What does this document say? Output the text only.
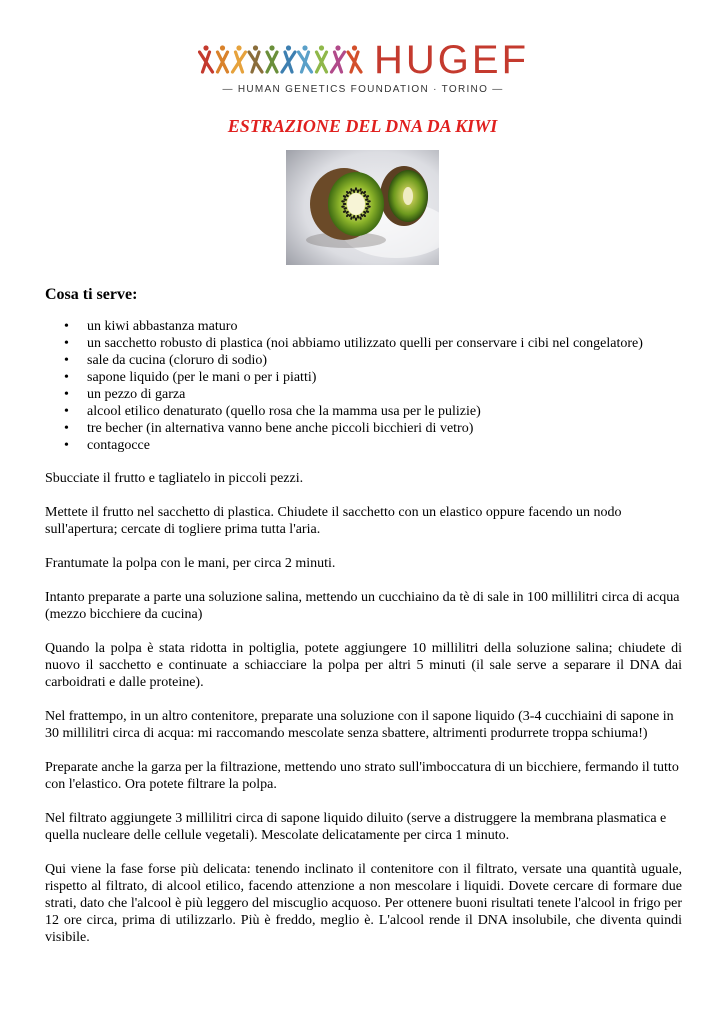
HUGEF
— HUMAN GENETICS FOUNDATION · TORINO —
ESTRAZIONE DEL DNA DA KIWI
Cosa ti serve:
• un kiwi abbastanza maturo
• un sacchetto robusto di plastica (noi abbiamo utilizzato quelli per conservare i cibi nel congelatore)
• sale da cucina (cloruro di sodio)
• sapone liquido (per le mani o per i piatti)
• un pezzo di garza
• alcool etilico denaturato (quello rosa che la mamma usa per le pulizie)
• tre becher (in alternativa vanno bene anche piccoli bicchieri di vetro)
• contagocce

Sbucciate il frutto e tagliatelo in piccoli pezzi.

Mettete il frutto nel sacchetto di plastica. Chiudete il sacchetto con un elastico oppure facendo un nodo sull'apertura; cercate di togliere prima tutta l'aria.

Frantumate la polpa con le mani, per circa 2 minuti.

Intanto preparate a parte una soluzione salina, mettendo un cucchiaino da tè di sale in 100 millilitri circa di acqua (mezzo bicchiere da cucina)

Quando la polpa è stata ridotta in poltiglia, potete aggiungere 10 millilitri della soluzione salina; chiudete di nuovo il sacchetto e continuate a schiacciare la polpa per altri 5 minuti (il sale serve a separare il DNA dai carboidrati e dalle proteine).

Nel frattempo, in un altro contenitore, preparate una soluzione con il sapone liquido (3-4 cucchiaini di sapone in 30 millilitri circa di acqua: mi raccomando mescolate senza sbattere, altrimenti produrrete troppa schiuma!)

Preparate anche la garza per la filtrazione, mettendo uno strato sull'imboccatura di un bicchiere, fermando il tutto con l'elastico. Ora potete filtrare la polpa.

Nel filtrato aggiungete 3 millilitri circa di sapone liquido diluito (serve a distruggere la membrana plasmatica e quella nucleare delle cellule vegetali). Mescolate delicatamente per circa 1 minuto.

Qui viene la fase forse più delicata: tenendo inclinato il contenitore con il filtrato, versate una quantità uguale, rispetto al filtrato, di alcool etilico, facendo attenzione a non mescolare i liquidi. Dovete cercare di formare due strati, dato che l'alcool è più leggero del miscuglio acquoso. Per ottenere buoni risultati tenete l'alcool in frigo per 12 ore circa, prima di utilizzarlo. Più è freddo, meglio è. L'alcool rende il DNA insolubile, che diventa quindi visibile.
